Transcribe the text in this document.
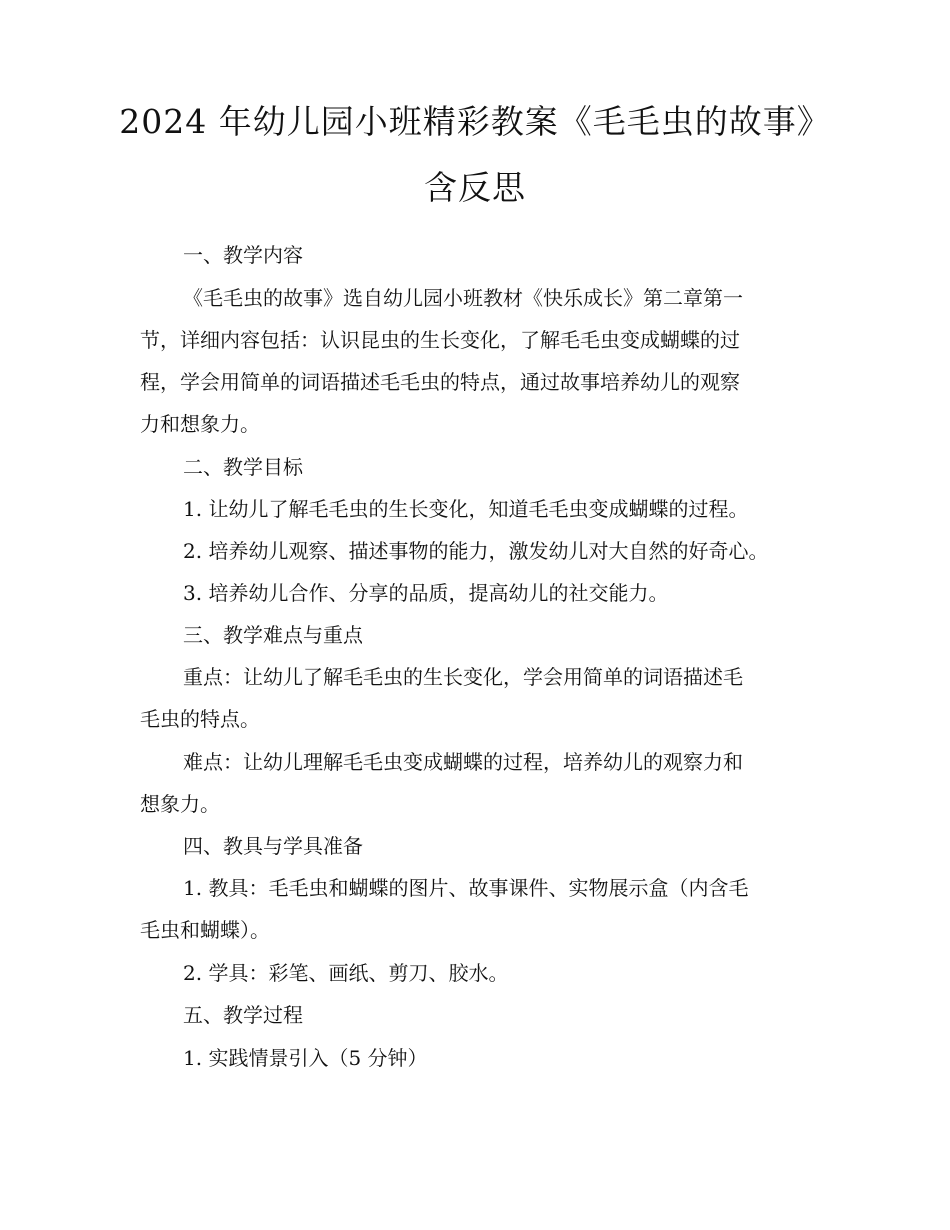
2024 年幼儿园小班精彩教案《毛毛虫的故事》
含反思

一、教学内容

《毛毛虫的故事》选自幼儿园小班教材《快乐成长》第二章第一

节，详细内容包括：认识昆虫的生长变化，了解毛毛虫变成蝴蝶的过

程，学会用简单的词语描述毛毛虫的特点，通过故事培养幼儿的观察

力和想象力。

二、教学目标

1. 让幼儿了解毛毛虫的生长变化，知道毛毛虫变成蝴蝶的过程。

2. 培养幼儿观察、描述事物的能力，激发幼儿对大自然的好奇心。

3. 培养幼儿合作、分享的品质，提高幼儿的社交能力。

三、教学难点与重点

重点：让幼儿了解毛毛虫的生长变化，学会用简单的词语描述毛

毛虫的特点。

难点：让幼儿理解毛毛虫变成蝴蝶的过程，培养幼儿的观察力和

想象力。

四、教具与学具准备

1. 教具：毛毛虫和蝴蝶的图片、故事课件、实物展示盒（内含毛

毛虫和蝴蝶）。

2. 学具：彩笔、画纸、剪刀、胶水。

五、教学过程

1. 实践情景引入（5 分钟）
